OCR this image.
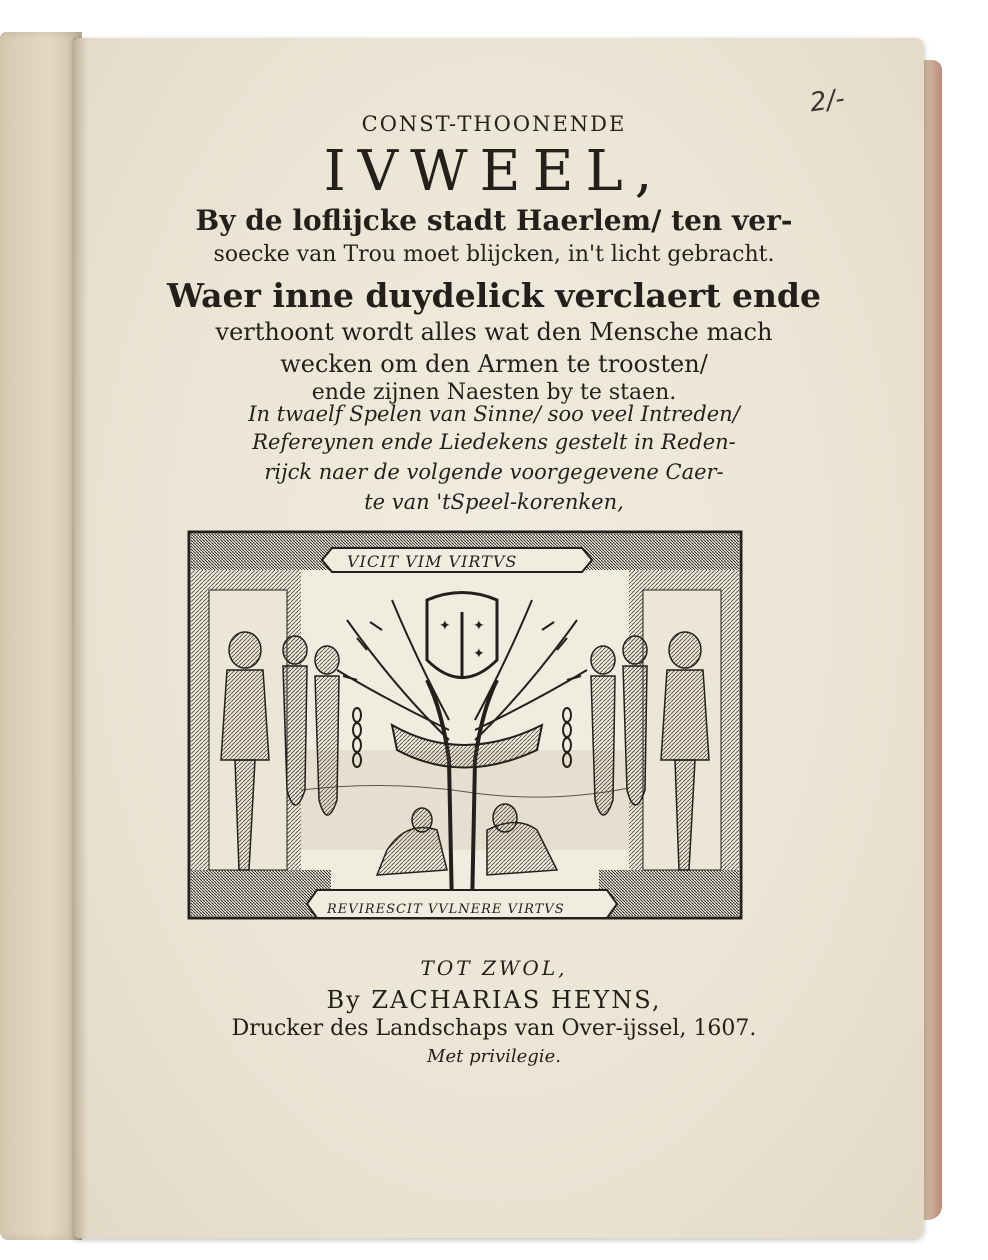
2/-
CONST-THOONENDE
IVWEEL,
By de loflijcke stadt Haerlem/ ten ver-
soecke van Trou moet blijcken, in't licht gebracht.
Waer inne duydelick verclaert ende
verthoont wordt alles wat den Mensche mach
wecken om den Armen te troosten/
ende zijnen Naesten by te staen.
In twaelf Spelen van Sinne/ soo veel Intreden/
Refereynen ende Liedekens gestelt in Reden-
rijck naer de volgende voorgegevene Caer-
te van 'tSpeel-korenken,
✦ ✦
✦
VICIT VIM VIRTVS
REVIRESCIT VVLNERE VIRTVS
TOT ZWOL,
By ZACHARIAS HEYNS,
Drucker des Landschaps van Over-ijssel, 1607.
Met privilegie.
